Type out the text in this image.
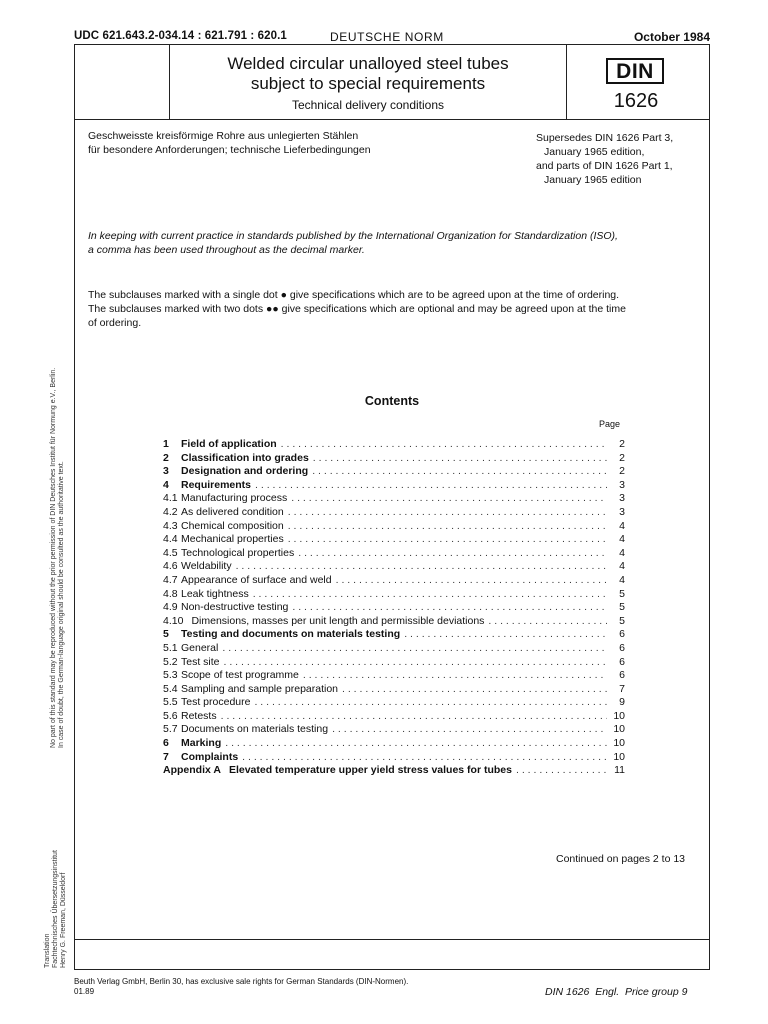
UDC 621.643.2-034.14 : 621.791 : 620.1	DEUTSCHE NORM	October 1984
Welded circular unalloyed steel tubes
subject to special requirements
Technical delivery conditions
DIN
1626
Geschweisste kreisförmige Rohre aus unlegierten Stählen
für besondere Anforderungen; technische Lieferbedingungen
Supersedes DIN 1626 Part 3,
January 1965 edition,
and parts of DIN 1626 Part 1,
January 1965 edition
In keeping with current practice in standards published by the International Organization for Standardization (ISO),
a comma has been used throughout as the decimal marker.
The subclauses marked with a single dot ● give specifications which are to be agreed upon at the time of ordering.
The subclauses marked with two dots ●● give specifications which are optional and may be agreed upon at the time
of ordering.
Contents
Page
1	Field of application . . .	2
2	Classification into grades . . .	2
3	Designation and ordering . . .	2
4	Requirements . . .	3
4.1 Manufacturing process . . .	3
4.2 As delivered condition . . .	3
4.3 Chemical composition . . .	4
4.4 Mechanical properties . . .	4
4.5 Technological properties . . .	4
4.6 Weldability . . .	4
4.7 Appearance of surface and weld . . .	4
4.8 Leak tightness . . .	5
4.9 Non-destructive testing . . .	5
4.10 Dimensions, masses per unit length and permissible deviations . . .	5
5	Testing and documents on materials testing . . .	6
5.1 General . . .	6
5.2 Test site . . .	6
5.3 Scope of test programme . . .	6
5.4 Sampling and sample preparation . . .	7
5.5 Test procedure . . .	9
5.6 Retests . . .	10
5.7 Documents on materials testing . . .	10
6	Marking . . .	10
7	Complaints . . .	10
Appendix A Elevated temperature upper yield stress values for tubes . . .	11
Continued on pages 2 to 13
Beuth Verlag GmbH, Berlin 30, has exclusive sale rights for German Standards (DIN-Normen).
01.89	DIN 1626  Engl.  Price group 9
No part of this standard may be reproduced without the prior permission of DIN Deutsches Institut für Normung e.V., Berlin. In case of doubt, the German-language original should be consulted as the authoritative text.
Translation Fachtechnisches Übersetzungsinstitut Henry G. Freeman, Düsseldorf
